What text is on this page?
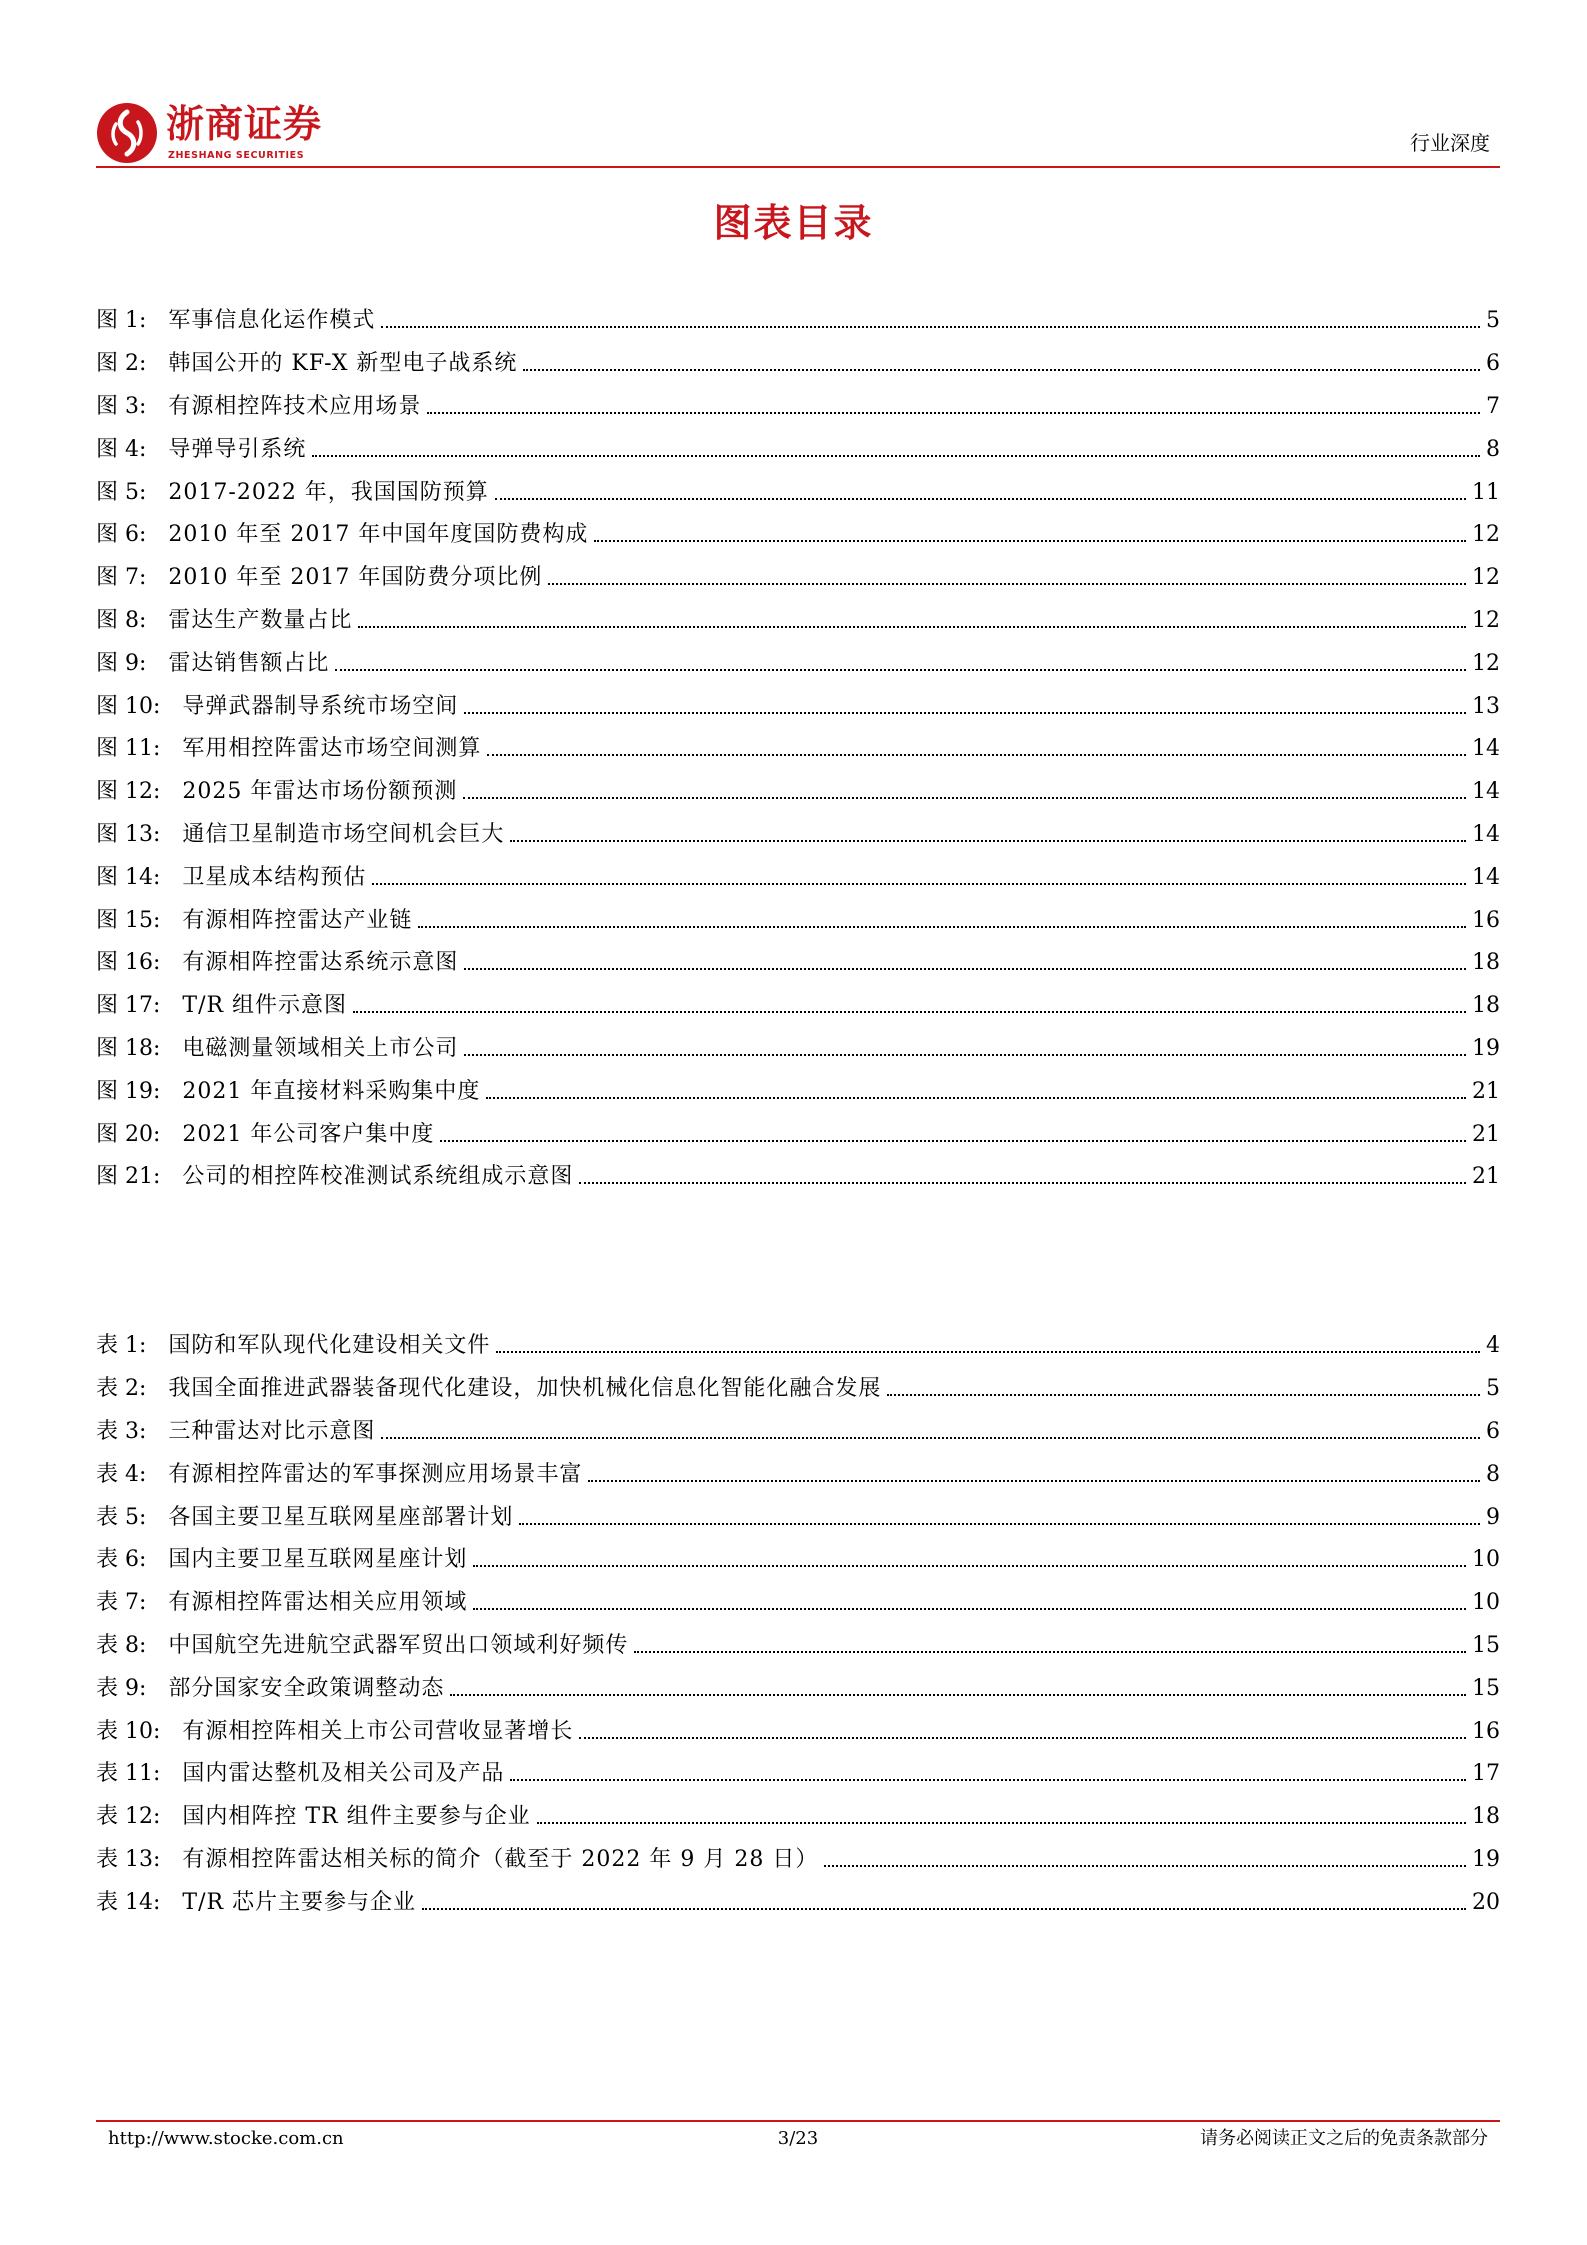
浙商证券
ZHESHANG SECURITIES
行业深度
图表目录
图 1: 军事信息化运作模式	5
图 2: 韩国公开的 KF-X 新型电子战系统	6
图 3: 有源相控阵技术应用场景	7
图 4: 导弹导引系统	8
图 5: 2017-2022 年，我国国防预算	11
图 6: 2010 年至 2017 年中国年度国防费构成	12
图 7: 2010 年至 2017 年国防费分项比例	12
图 8: 雷达生产数量占比	12
图 9: 雷达销售额占比	12
图 10: 导弹武器制导系统市场空间	13
图 11: 军用相控阵雷达市场空间测算	14
图 12: 2025 年雷达市场份额预测	14
图 13: 通信卫星制造市场空间机会巨大	14
图 14: 卫星成本结构预估	14
图 15: 有源相阵控雷达产业链	16
图 16: 有源相阵控雷达系统示意图	18
图 17: T/R 组件示意图	18
图 18: 电磁测量领域相关上市公司	19
图 19: 2021 年直接材料采购集中度	21
图 20: 2021 年公司客户集中度	21
图 21: 公司的相控阵校准测试系统组成示意图	21
表 1: 国防和军队现代化建设相关文件	4
表 2: 我国全面推进武器装备现代化建设，加快机械化信息化智能化融合发展	5
表 3: 三种雷达对比示意图	6
表 4: 有源相控阵雷达的军事探测应用场景丰富	8
表 5: 各国主要卫星互联网星座部署计划	9
表 6: 国内主要卫星互联网星座计划	10
表 7: 有源相控阵雷达相关应用领域	10
表 8: 中国航空先进航空武器军贸出口领域利好频传	15
表 9: 部分国家安全政策调整动态	15
表 10: 有源相控阵相关上市公司营收显著增长	16
表 11: 国内雷达整机及相关公司及产品	17
表 12: 国内相阵控 TR 组件主要参与企业	18
表 13: 有源相控阵雷达相关标的简介（截至于 2022 年 9 月 28 日）	19
表 14: T/R 芯片主要参与企业	20
http://www.stocke.com.cn	3/23	请务必阅读正文之后的免责条款部分
